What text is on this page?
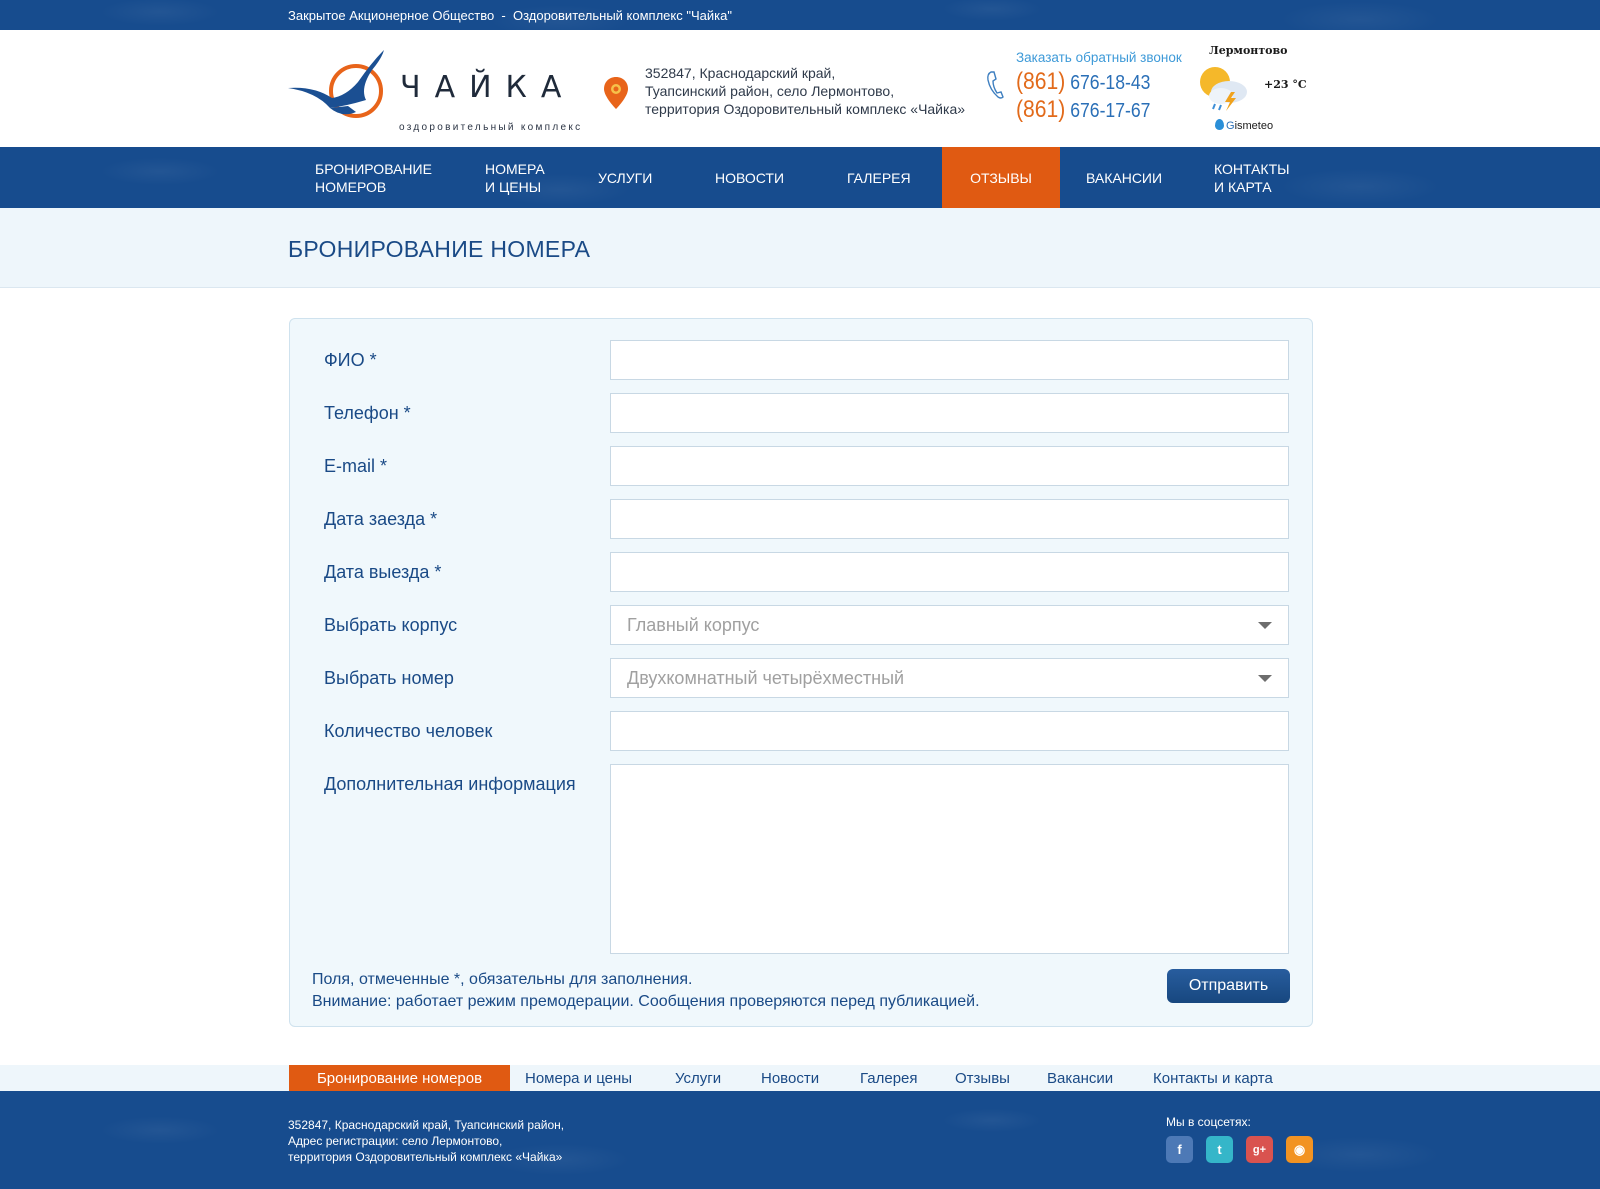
Закрытое Акционерное Общество  -  Оздоровительный комплекс "Чайка"
ЧАЙКА
оздоровительный комплекс
352847, Краснодарский край,
Туапсинский район, село Лермонтово,
территория Оздоровительный комплекс «Чайка»
Заказать обратный звонок
(861) 676-18-43
(861) 676-17-67
Лермонтово
+23 °C
Gismeteo
БРОНИРОВАНИЕ
НОМЕРОВ
НОМЕРА
И ЦЕНЫ
УСЛУГИ	НОВОСТИ	ГАЛЕРЕЯ	ОТЗЫВЫ	ВАКАНСИИ
КОНТАКТЫ
И КАРТА
БРОНИРОВАНИЕ НОМЕРА
ФИО *
Телефон *
E-mail *
Дата заезда *
Дата выезда *
Выбрать корпус	Главный корпус
Выбрать номер	Двухкомнатный четырёхместный
Количество человек
Дополнительная информация
Поля, отмеченные *, обязательны для заполнения.
Внимание: работает режим премодерации. Сообщения проверяются перед публикацией.
Отправить
Бронирование номеров	Номера и цены	Услуги	Новости	Галерея Отзывы Вакансии	Контакты и карта
352847, Краснодарский край, Туапсинский район,
Адрес регистрации: село Лермонтово,
территория Оздоровительный комплекс «Чайка»
Мы в соцсетях:
f	t	g+	◉
